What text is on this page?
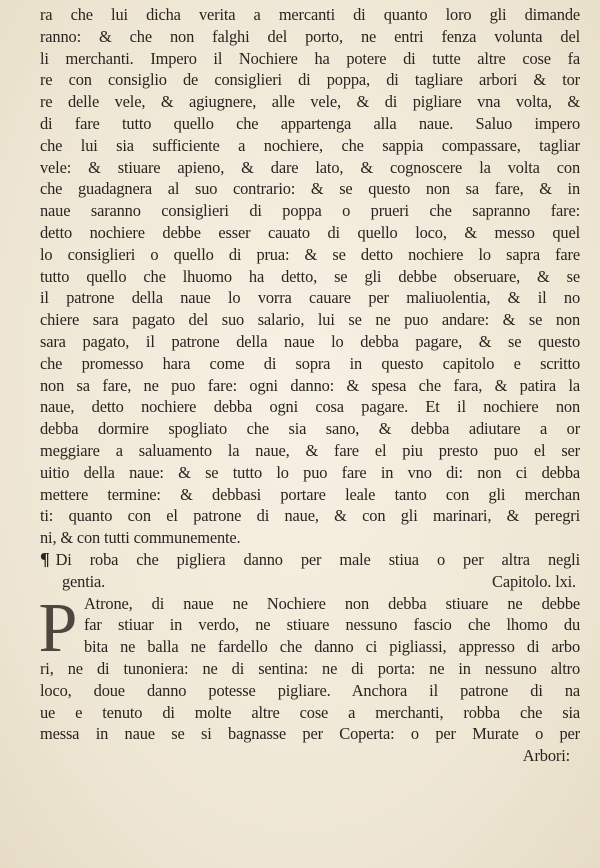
ra che lui dicha verita a mercanti di quanto loro gli dimande
ranno: & che non falghi del porto, ne entri fenza volunta del
li merchanti. Impero il Nochiere ha potere di tutte altre cose fa
re con consiglio de consiglieri di poppa, di tagliare arbori & tor
re delle vele, & agiugnere, alle vele, & di pigliare vna volta, &
di fare tutto quello che appartenga alla naue. Saluo impero
che lui sia sufficiente a nochiere, che sappia compassare, tagliar
vele: & stiuare apieno, & dare lato, & cognoscere la volta con
che guadagnera al suo contrario: & se questo non sa fare, & in
naue saranno consiglieri di poppa o prueri che sapranno fare:
detto nochiere debbe esser cauato di quello loco, & messo quel
lo consiglieri o quello di prua: & se detto nochiere lo sapra fare
tutto quello che lhuomo ha detto, se gli debbe obseruare, & se
il patrone della naue lo vorra cauare per maliuolentia, & il no
chiere sara pagato del suo salario, lui se ne puo andare: & se non
sara pagato, il patrone della naue lo debba pagare, & se questo
che promesso hara come di sopra in questo capitolo e scritto
non sa fare, ne puo fare: ogni danno: & spesa che fara, & patira la
naue, detto nochiere debba ogni cosa pagare. Et il nochiere non
debba dormire spogliato che sia sano, & debba adiutare a or
meggiare a saluamento la naue, & fare el piu presto puo el ser
uitio della naue: & se tutto lo puo fare in vno di: non ci debba
mettere termine: & debbasi portare leale tanto con gli merchan
ti: quanto con el patrone di naue, & con gli marinari, & peregri
ni, & con tutti communemente.
¶ Di roba che pigliera danno per male stiua o per altra negli
gentia.	Capitolo. lxi.
P Atrone, di naue ne Nochiere non debba stiuare ne debbe
far stiuar in verdo, ne stiuare nessuno fascio che lhomo du
bita ne balla ne fardello che danno ci pigliassi, appresso di arbo
ri, ne di tunoniera: ne di sentina: ne di porta: ne in nessuno altro
loco, doue danno potesse pigliare. Anchora il patrone di na
ue e tenuto di molte altre cose a merchanti, robba che sia
messa in naue se si bagnasse per Coperta: o per Murate o per
Arbori:
